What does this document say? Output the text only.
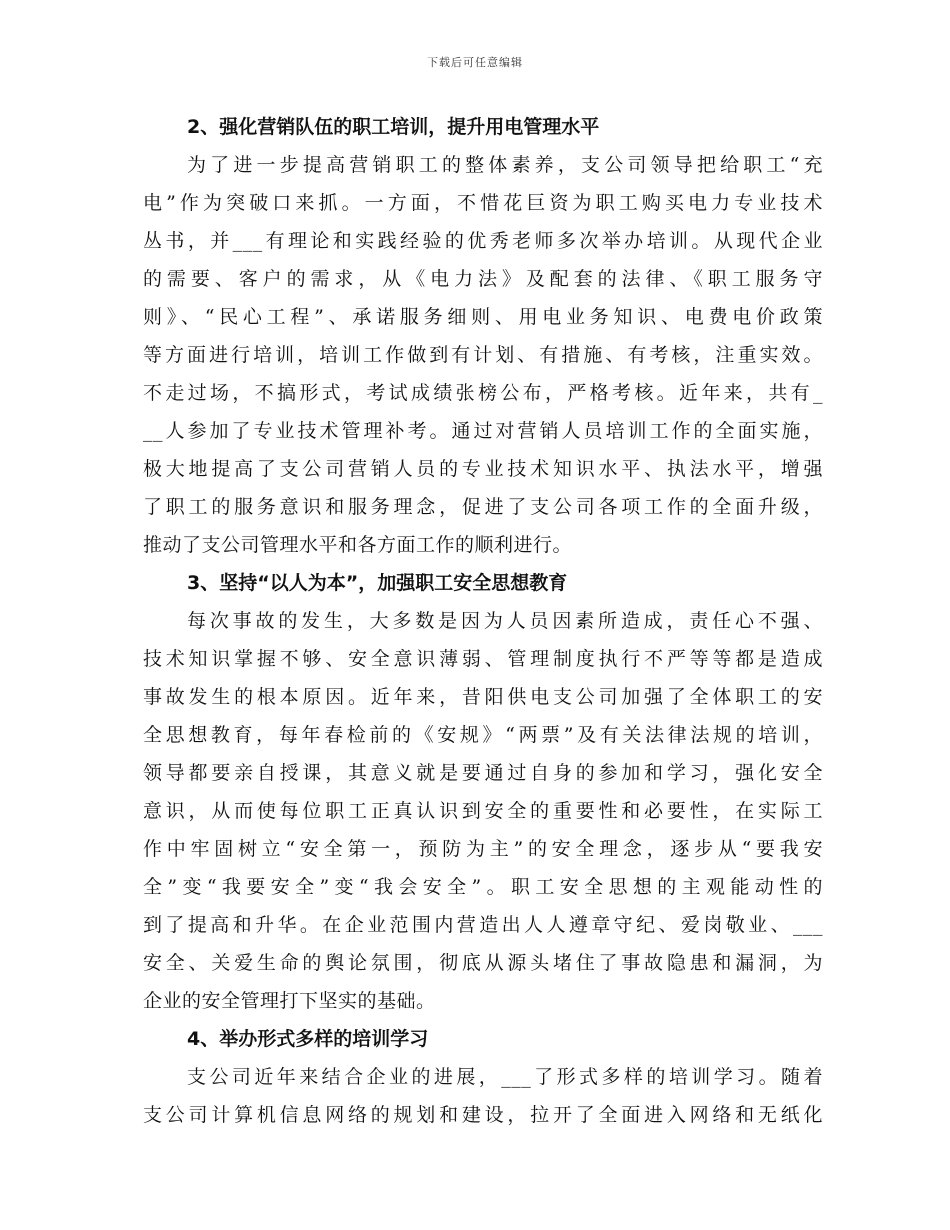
下载后可任意编辑
2、强化营销队伍的职工培训，提升用电管理水平
为了进一步提高营销职工的整体素养，支公司领导把给职工“充
电”作为突破口来抓。一方面，不惜花巨资为职工购买电力专业技术
丛书，并___有理论和实践经验的优秀老师多次举办培训。从现代企业
的需要、客户的需求，从《电力法》及配套的法律、《职工服务守
则》、“民心工程”、承诺服务细则、用电业务知识、电费电价政策
等方面进行培训，培训工作做到有计划、有措施、有考核，注重实效。
不走过场，不搞形式，考试成绩张榜公布，严格考核。近年来，共有_
__人参加了专业技术管理补考。通过对营销人员培训工作的全面实施，
极大地提高了支公司营销人员的专业技术知识水平、执法水平，增强
了职工的服务意识和服务理念，促进了支公司各项工作的全面升级，
推动了支公司管理水平和各方面工作的顺利进行。
3、坚持“以人为本”，加强职工安全思想教育
每次事故的发生，大多数是因为人员因素所造成，责任心不强、
技术知识掌握不够、安全意识薄弱、管理制度执行不严等等都是造成
事故发生的根本原因。近年来，昔阳供电支公司加强了全体职工的安
全思想教育，每年春检前的《安规》“两票”及有关法律法规的培训，
领导都要亲自授课，其意义就是要通过自身的参加和学习，强化安全
意识，从而使每位职工正真认识到安全的重要性和必要性，在实际工
作中牢固树立“安全第一，预防为主”的安全理念，逐步从“要我安
全”变“我要安全”变“我会安全”。职工安全思想的主观能动性的
到了提高和升华。在企业范围内营造出人人遵章守纪、爱岗敬业、___
安全、关爱生命的舆论氛围，彻底从源头堵住了事故隐患和漏洞，为
企业的安全管理打下坚实的基础。
4、举办形式多样的培训学习
支公司近年来结合企业的进展，___了形式多样的培训学习。随着
支公司计算机信息网络的规划和建设，拉开了全面进入网络和无纸化
